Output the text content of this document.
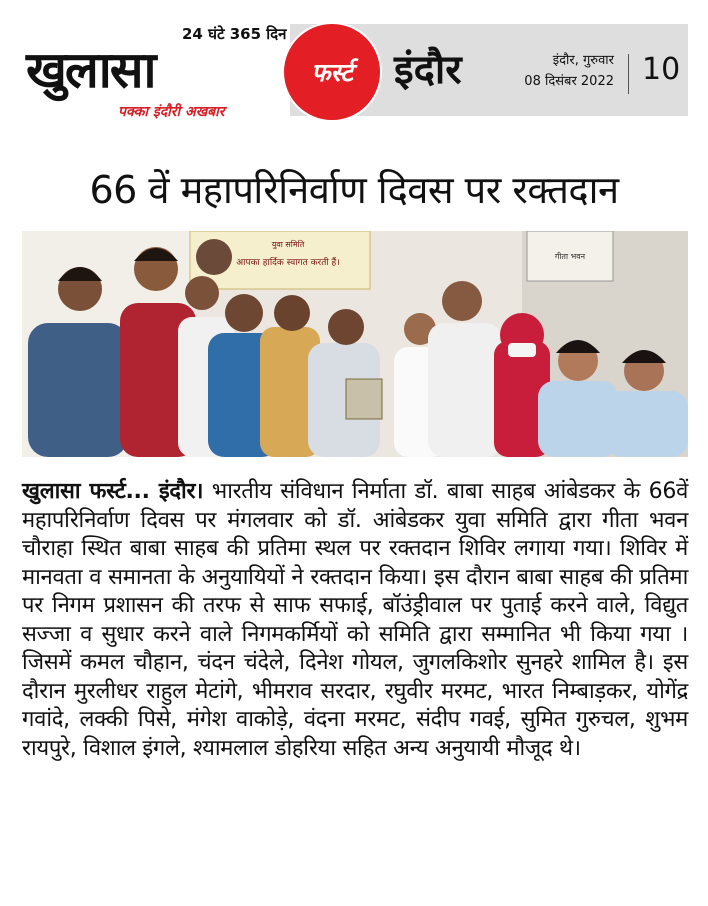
24 घंटे 365 दिन
खुलासा
पक्का इंदौरी अखबार
फर्स्ट	इंदौर	इंदौर, गुरुवार
08 दिसंबर 2022 10
66 वें महापरिनिर्वाण दिवस पर रक्तदान
गीता भवन
युवा समिति
आपका हार्दिक स्वागत करती हैं।
खुलासा फर्स्ट... इंदौर। भारतीय संविधान निर्माता डॉ. बाबा साहब आंबेडकर के 66वें महापरिनिर्वाण दिवस पर मंगलवार को डॉ. आंबेडकर युवा समिति द्वारा गीता भवन चौराहा स्थित बाबा साहब की प्रतिमा स्थल पर रक्तदान शिविर लगाया गया। शिविर में मानवता व समानता के अनुयायियों ने रक्तदान किया। इस दौरान बाबा साहब की प्रतिमा पर निगम प्रशासन की तरफ से साफ सफाई, बॉउंड्रीवाल पर पुताई करने वाले, विद्युत सज्जा व सुधार करने वाले निगमकर्मियों को समिति द्वारा सम्मानित भी किया गया । जिसमें कमल चौहान, चंदन चंदेले, दिनेश गोयल, जुगलकिशोर सुनहरे शामिल है। इस दौरान मुरलीधर राहुल मेटांगे, भीमराव सरदार, रघुवीर मरमट, भारत निम्बाड़कर, योगेंद्र गवांदे, लक्की पिसे, मंगेश वाकोड़े, वंदना मरमट, संदीप गवई, सुमित गुरुचल, शुभम रायपुरे, विशाल इंगले, श्यामलाल डोहरिया सहित अन्य अनुयायी मौजूद थे।
